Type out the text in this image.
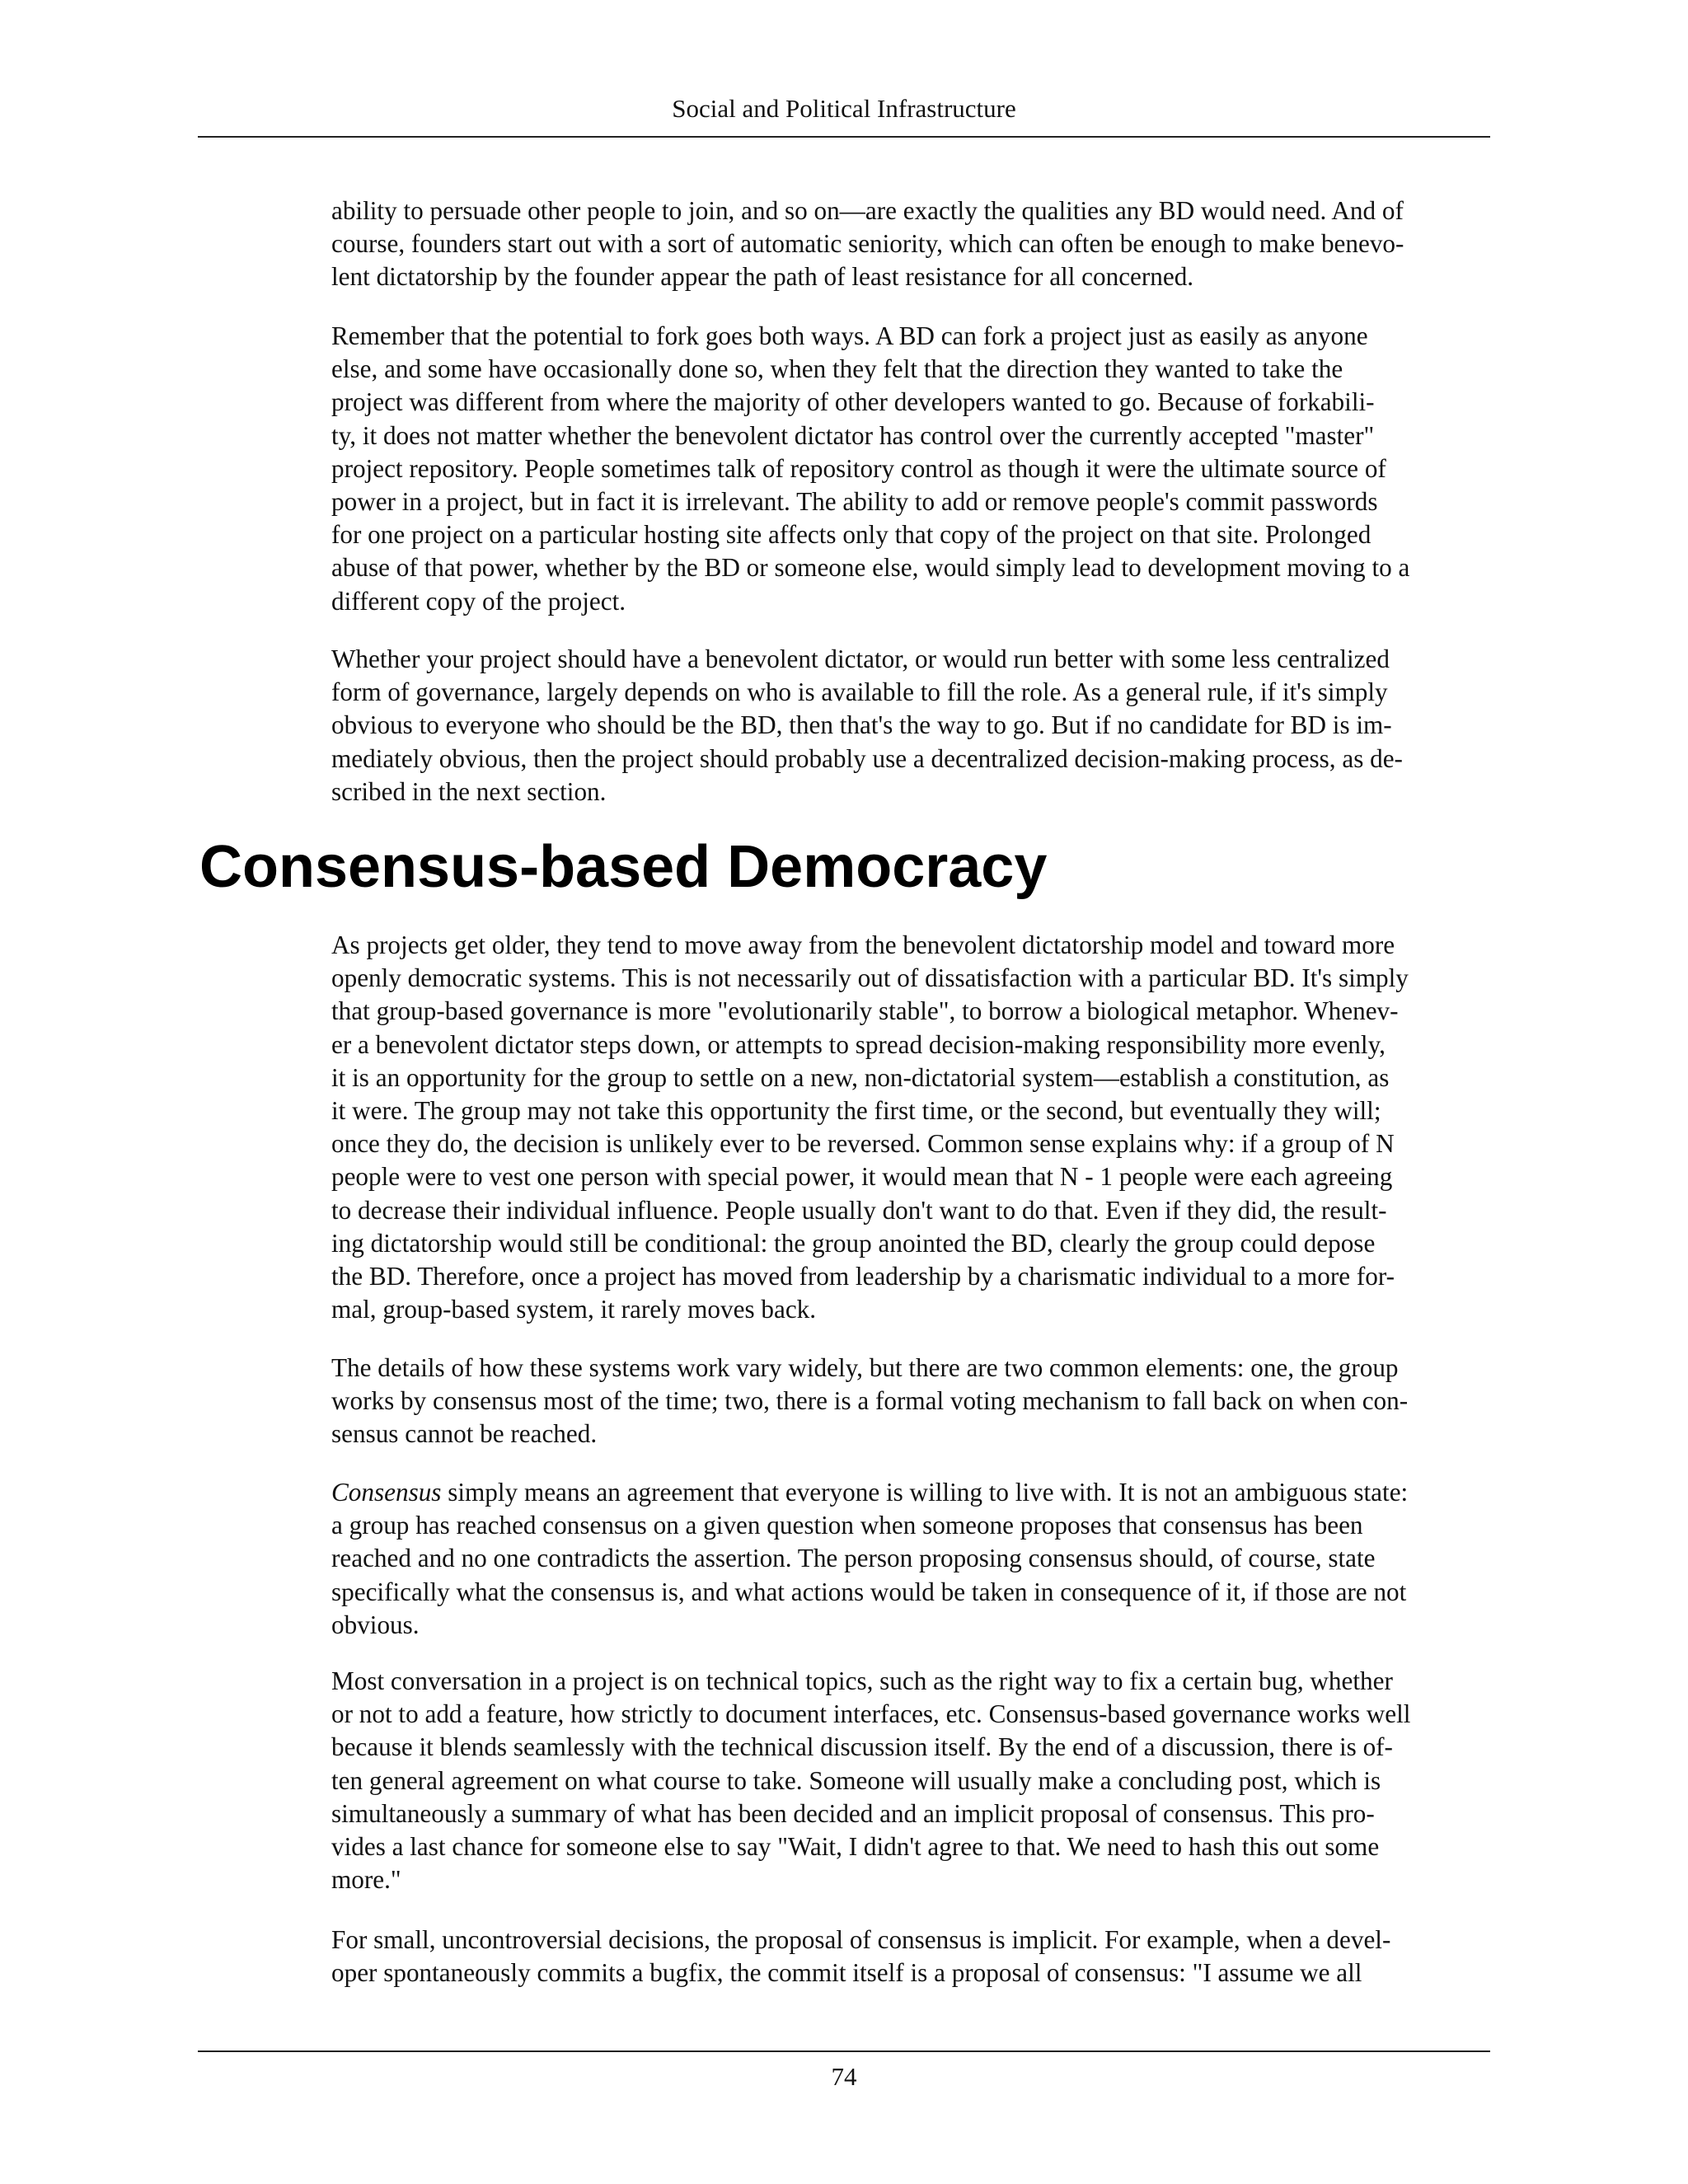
Social and Political Infrastructure

ability to persuade other people to join, and so on—are exactly the qualities any BD would need. And of

course, founders start out with a sort of automatic seniority, which can often be enough to make benevo-

lent dictatorship by the founder appear the path of least resistance for all concerned.

Remember that the potential to fork goes both ways. A BD can fork a project just as easily as anyone

else, and some have occasionally done so, when they felt that the direction they wanted to take the

project was different from where the majority of other developers wanted to go. Because of forkabili-

ty, it does not matter whether the benevolent dictator has control over the currently accepted "master"

project repository. People sometimes talk of repository control as though it were the ultimate source of

power in a project, but in fact it is irrelevant. The ability to add or remove people's commit passwords

for one project on a particular hosting site affects only that copy of the project on that site. Prolonged

abuse of that power, whether by the BD or someone else, would simply lead to development moving to a

different copy of the project.

Whether your project should have a benevolent dictator, or would run better with some less centralized

form of governance, largely depends on who is available to fill the role. As a general rule, if it's simply

obvious to everyone who should be the BD, then that's the way to go. But if no candidate for BD is im-

mediately obvious, then the project should probably use a decentralized decision-making process, as de-

scribed in the next section.

Consensus-based Democracy

As projects get older, they tend to move away from the benevolent dictatorship model and toward more

openly democratic systems. This is not necessarily out of dissatisfaction with a particular BD. It's simply

that group-based governance is more "evolutionarily stable", to borrow a biological metaphor. Whenev-

er a benevolent dictator steps down, or attempts to spread decision-making responsibility more evenly,

it is an opportunity for the group to settle on a new, non-dictatorial system—establish a constitution, as

it were. The group may not take this opportunity the first time, or the second, but eventually they will;

once they do, the decision is unlikely ever to be reversed. Common sense explains why: if a group of N

people were to vest one person with special power, it would mean that N - 1 people were each agreeing

to decrease their individual influence. People usually don't want to do that. Even if they did, the result-

ing dictatorship would still be conditional: the group anointed the BD, clearly the group could depose

the BD. Therefore, once a project has moved from leadership by a charismatic individual to a more for-

mal, group-based system, it rarely moves back.

The details of how these systems work vary widely, but there are two common elements: one, the group

works by consensus most of the time; two, there is a formal voting mechanism to fall back on when con-

sensus cannot be reached.

Consensus simply means an agreement that everyone is willing to live with. It is not an ambiguous state:

a group has reached consensus on a given question when someone proposes that consensus has been

reached and no one contradicts the assertion. The person proposing consensus should, of course, state

specifically what the consensus is, and what actions would be taken in consequence of it, if those are not

obvious.

Most conversation in a project is on technical topics, such as the right way to fix a certain bug, whether

or not to add a feature, how strictly to document interfaces, etc. Consensus-based governance works well

because it blends seamlessly with the technical discussion itself. By the end of a discussion, there is of-

ten general agreement on what course to take. Someone will usually make a concluding post, which is

simultaneously a summary of what has been decided and an implicit proposal of consensus. This pro-

vides a last chance for someone else to say "Wait, I didn't agree to that. We need to hash this out some

more."

For small, uncontroversial decisions, the proposal of consensus is implicit. For example, when a devel-

oper spontaneously commits a bugfix, the commit itself is a proposal of consensus: "I assume we all

74
